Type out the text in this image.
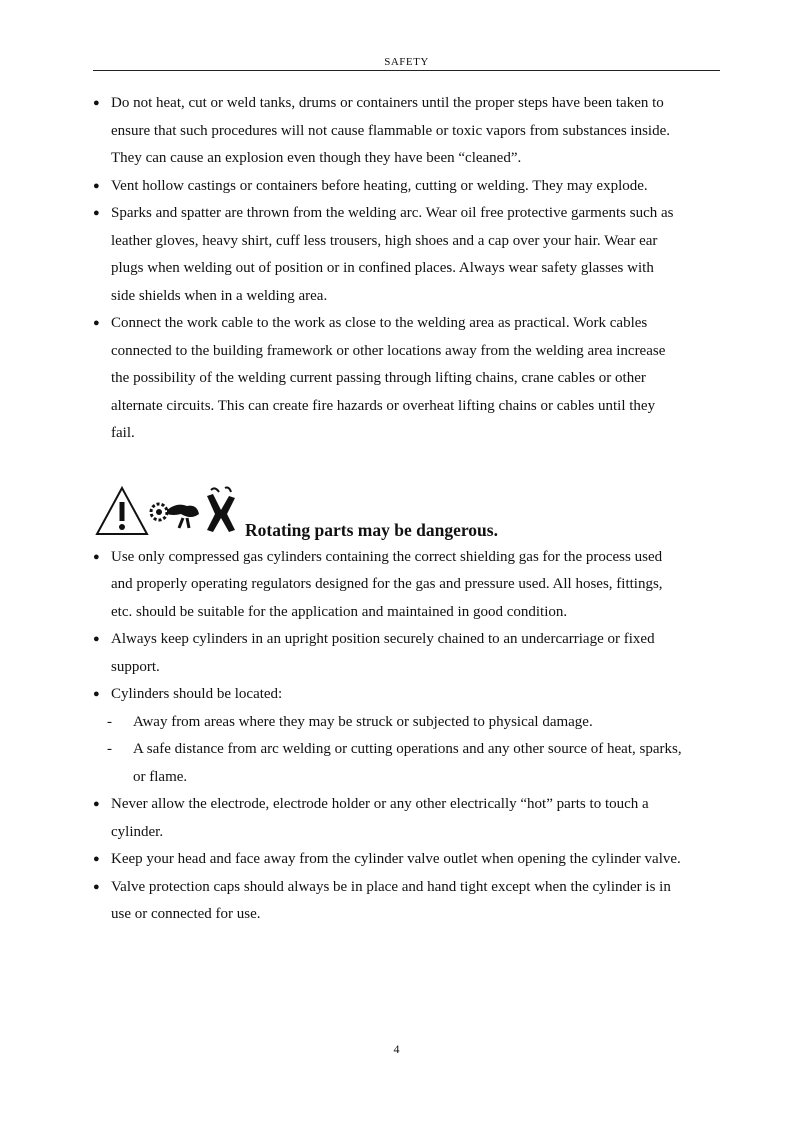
SAFETY

● Do not heat, cut or weld tanks, drums or containers until the proper steps have been taken to
ensure that such procedures will not cause flammable or toxic vapors from substances inside.
They can cause an explosion even though they have been “cleaned”.

● Vent hollow castings or containers before heating, cutting or welding. They may explode.

● Sparks and spatter are thrown from the welding arc. Wear oil free protective garments such as
leather gloves, heavy shirt, cuff less trousers, high shoes and a cap over your hair. Wear ear
plugs when welding out of position or in confined places. Always wear safety glasses with
side shields when in a welding area.

● Connect the work cable to the work as close to the welding area as practical. Work cables
connected to the building framework or other locations away from the welding area increase
the possibility of the welding current passing through lifting chains, crane cables or other
alternate circuits. This can create fire hazards or overheat lifting chains or cables until they
fail.

Rotating parts may be dangerous.

● Use only compressed gas cylinders containing the correct shielding gas for the process used
and properly operating regulators designed for the gas and pressure used. All hoses, fittings,
etc. should be suitable for the application and maintained in good condition.

● Always keep cylinders in an upright position securely chained to an undercarriage or fixed
support.

● Cylinders should be located:

- Away from areas where they may be struck or subjected to physical damage.

- A safe distance from arc welding or cutting operations and any other source of heat, sparks,
or flame.

● Never allow the electrode, electrode holder or any other electrically “hot” parts to touch a
cylinder.

● Keep your head and face away from the cylinder valve outlet when opening the cylinder valve.

● Valve protection caps should always be in place and hand tight except when the cylinder is in
use or connected for use.

4
